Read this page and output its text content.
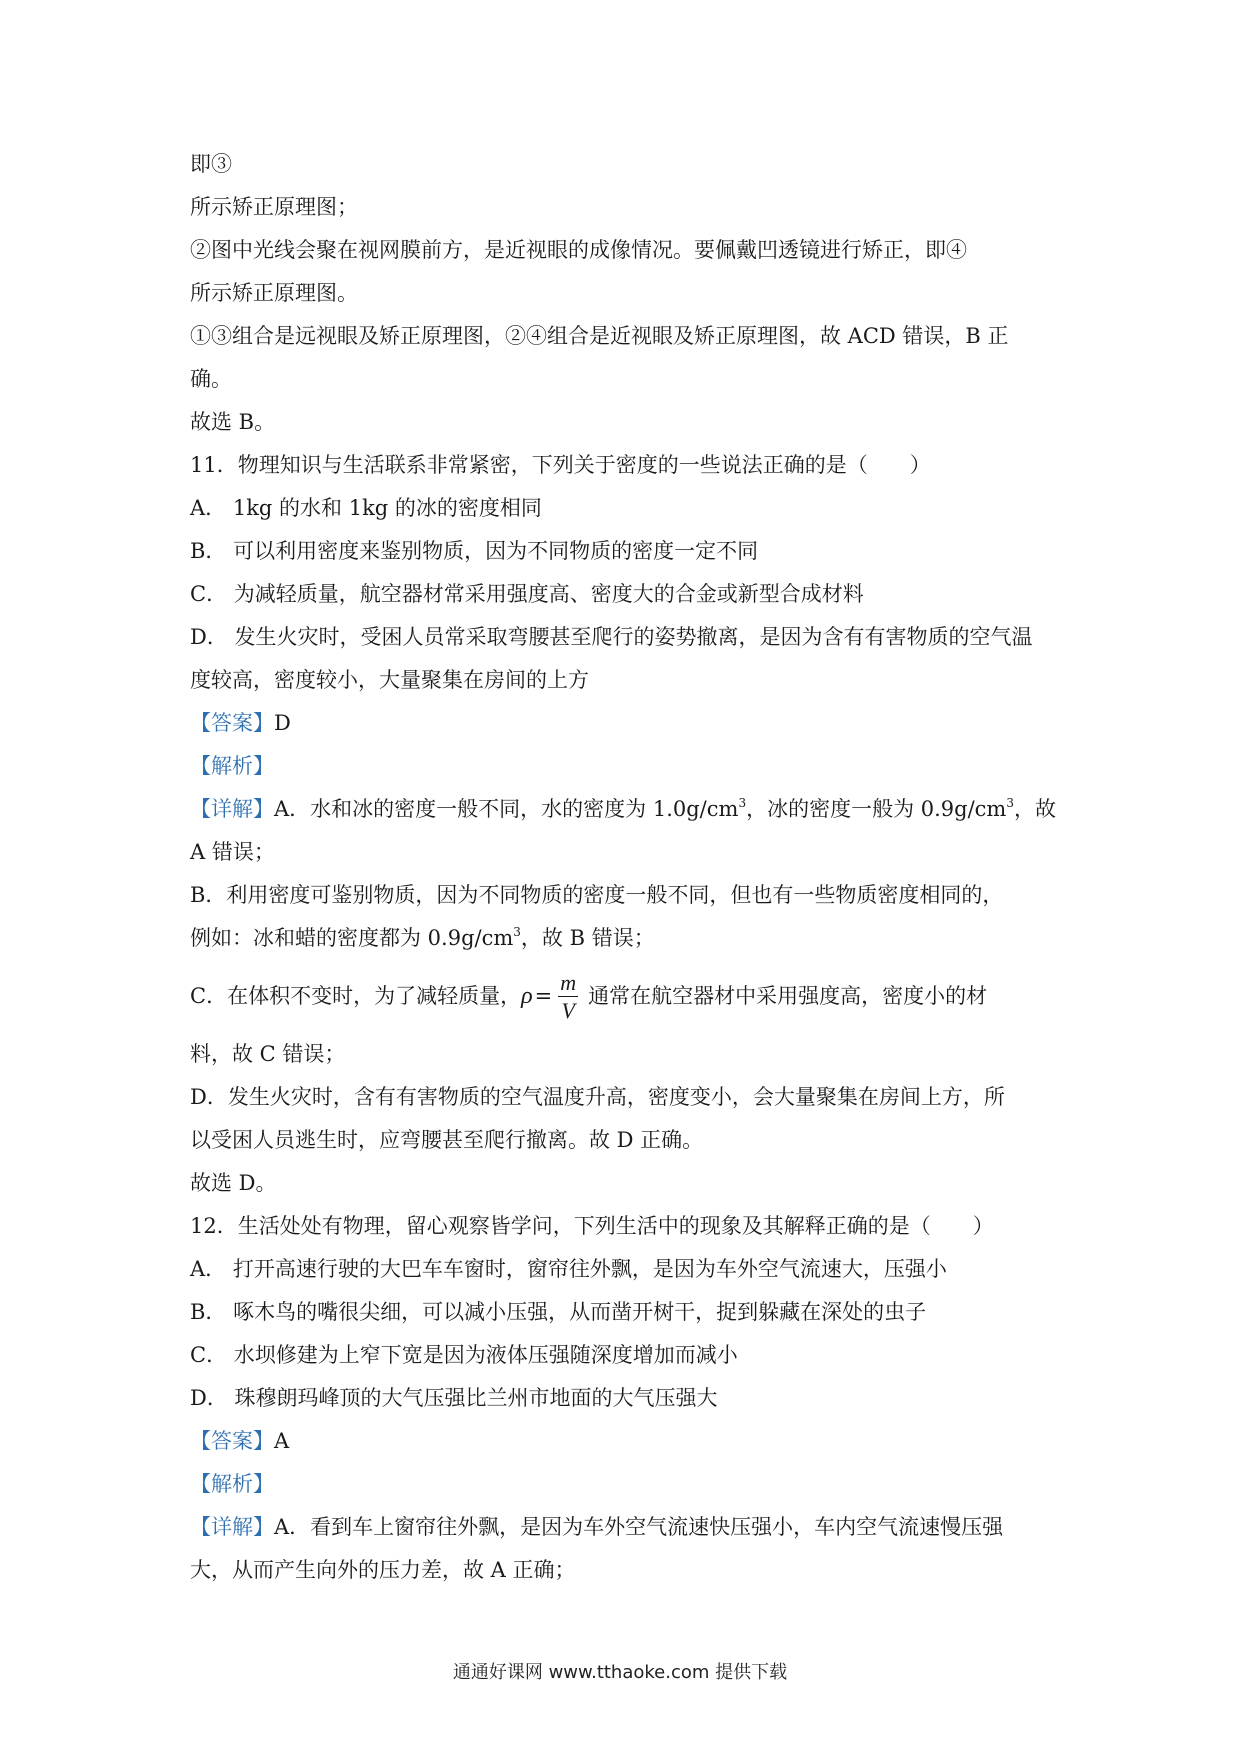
即③
所示矫正原理图；
②图中光线会聚在视网膜前方，是近视眼的成像情况。要佩戴凹透镜进行矫正，即④
所示矫正原理图。
①③组合是远视眼及矫正原理图，②④组合是近视眼及矫正原理图，故 ACD 错误，B 正
确。
故选 B。
11．物理知识与生活联系非常紧密，下列关于密度的一些说法正确的是（　　）
A． 1kg 的水和 1kg 的冰的密度相同
B． 可以利用密度来鉴别物质，因为不同物质的密度一定不同
C． 为减轻质量，航空器材常采用强度高、密度大的合金或新型合成材料
D． 发生火灾时，受困人员常采取弯腰甚至爬行的姿势撤离，是因为含有有害物质的空气温
度较高，密度较小，大量聚集在房间的上方
【答案】D
【解析】
【详解】A．水和冰的密度一般不同，水的密度为 $1.0g/cm^3$，冰的密度一般为 $0.9g/cm^3$，故
A 错误；
B．利用密度可鉴别物质，因为不同物质的密度一般不同，但也有一些物质密度相同的，
例如：冰和蜡的密度都为 $0.9g/cm^3$，故 B 错误；
C．在体积不变时，为了减轻质量，$\rho= \frac{m}{V}$ 通常在航空器材中采用强度高，密度小的材
料，故 C 错误；
D．发生火灾时，含有有害物质的空气温度升高，密度变小，会大量聚集在房间上方，所
以受困人员逃生时，应弯腰甚至爬行撤离。故 D 正确。
故选 D。
12．生活处处有物理，留心观察皆学问，下列生活中的现象及其解释正确的是（　　）
A． 打开高速行驶的大巴车车窗时，窗帘往外飘，是因为车外空气流速大，压强小
B． 啄木鸟的嘴很尖细，可以减小压强，从而凿开树干，捉到躲藏在深处的虫子
C． 水坝修建为上窄下宽是因为液体压强随深度增加而减小
D． 珠穆朗玛峰顶的大气压强比兰州市地面的大气压强大
【答案】A
【解析】
【详解】A．看到车上窗帘往外飘，是因为车外空气流速快压强小，车内空气流速慢压强
大，从而产生向外的压力差，故 A 正确；
通通好课网 www.tthaoke.com 提供下载
